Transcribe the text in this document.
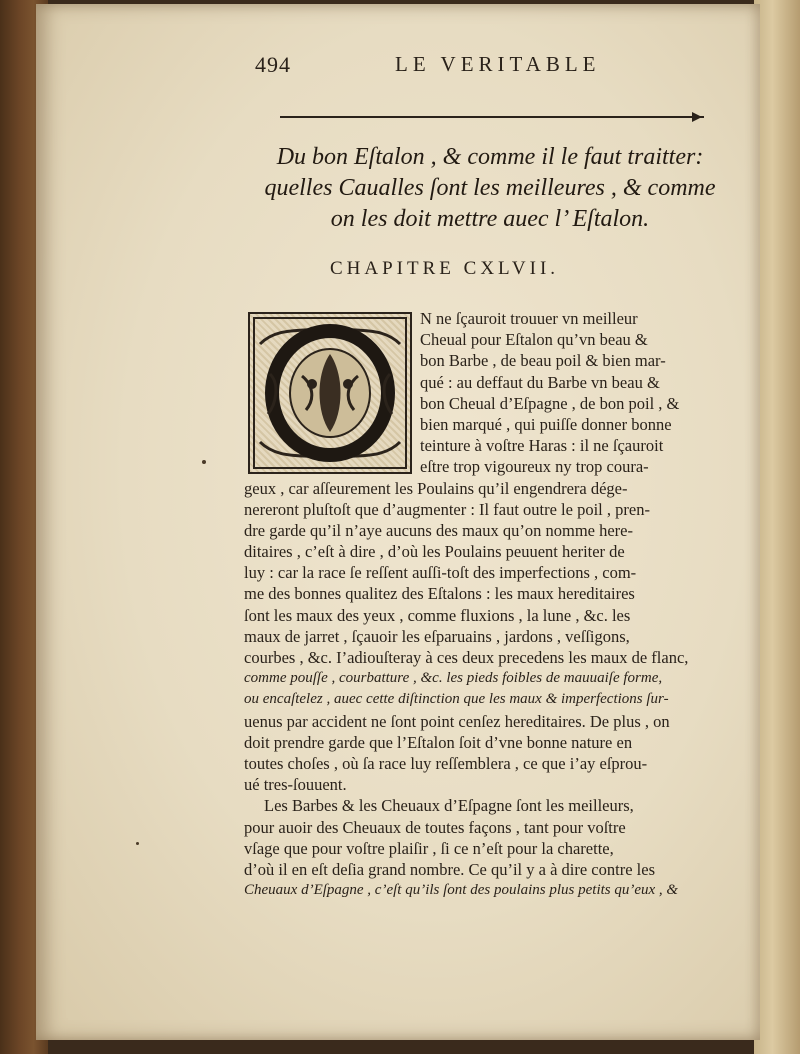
494	LE VERITABLE
Du bon Eſtalon , & comme il le faut traitter:
quelles Caualles ſont les meilleures , & comme
on les doit mettre auec l’ Eſtalon.
CHAPITRE CXLVII.
N ne ſçauroit trouuer vn meilleur
Cheual pour Eſtalon qu’vn beau &
bon Barbe , de beau poil & bien mar-
qué : au deffaut du Barbe vn beau &
bon Cheual d’Eſpagne , de bon poil , &
bien marqué , qui puiſſe donner bonne
teinture à voſtre Haras : il ne ſçauroit
eſtre trop vigoureux ny trop coura-
geux , car aſſeurement les Poulains qu’il engendrera dége-
nereront pluſtoſt que d’augmenter : Il faut outre le poil , pren-
dre garde qu’il n’aye aucuns des maux qu’on nomme here-
ditaires , c’eſt à dire , d’où les Poulains peuuent heriter de
luy : car la race ſe reſſent auſſi-toſt des imperfections , com-
me des bonnes qualitez des Eſtalons : les maux hereditaires
ſont les maux des yeux , comme fluxions , la lune , &c. les
maux de jarret , ſçauoir les eſparuains , jardons , veſſigons,
courbes , &c. I’adiouſteray à ces deux precedens les maux de flanc,
comme pouſſe , courbatture , &c. les pieds foibles de mauuaiſe forme,
ou encaſtelez , auec cette diſtinction que les maux & imperfections ſur-
uenus par accident ne ſont point cenſez hereditaires. De plus , on
doit prendre garde que l’Eſtalon ſoit d’vne bonne nature en
toutes choſes , où ſa race luy reſſemblera , ce que i’ay eſprou-
ué tres-ſouuent.
Les Barbes & les Cheuaux d’Eſpagne ſont les meilleurs,
pour auoir des Cheuaux de toutes façons , tant pour voſtre
vſage que pour voſtre plaiſir , ſi ce n’eſt pour la charette,
d’où il en eſt deſia grand nombre. Ce qu’il y a à dire contre les
Cheuaux d’Eſpagne , c’eſt qu’ils ſont des poulains plus petits qu’eux , &
